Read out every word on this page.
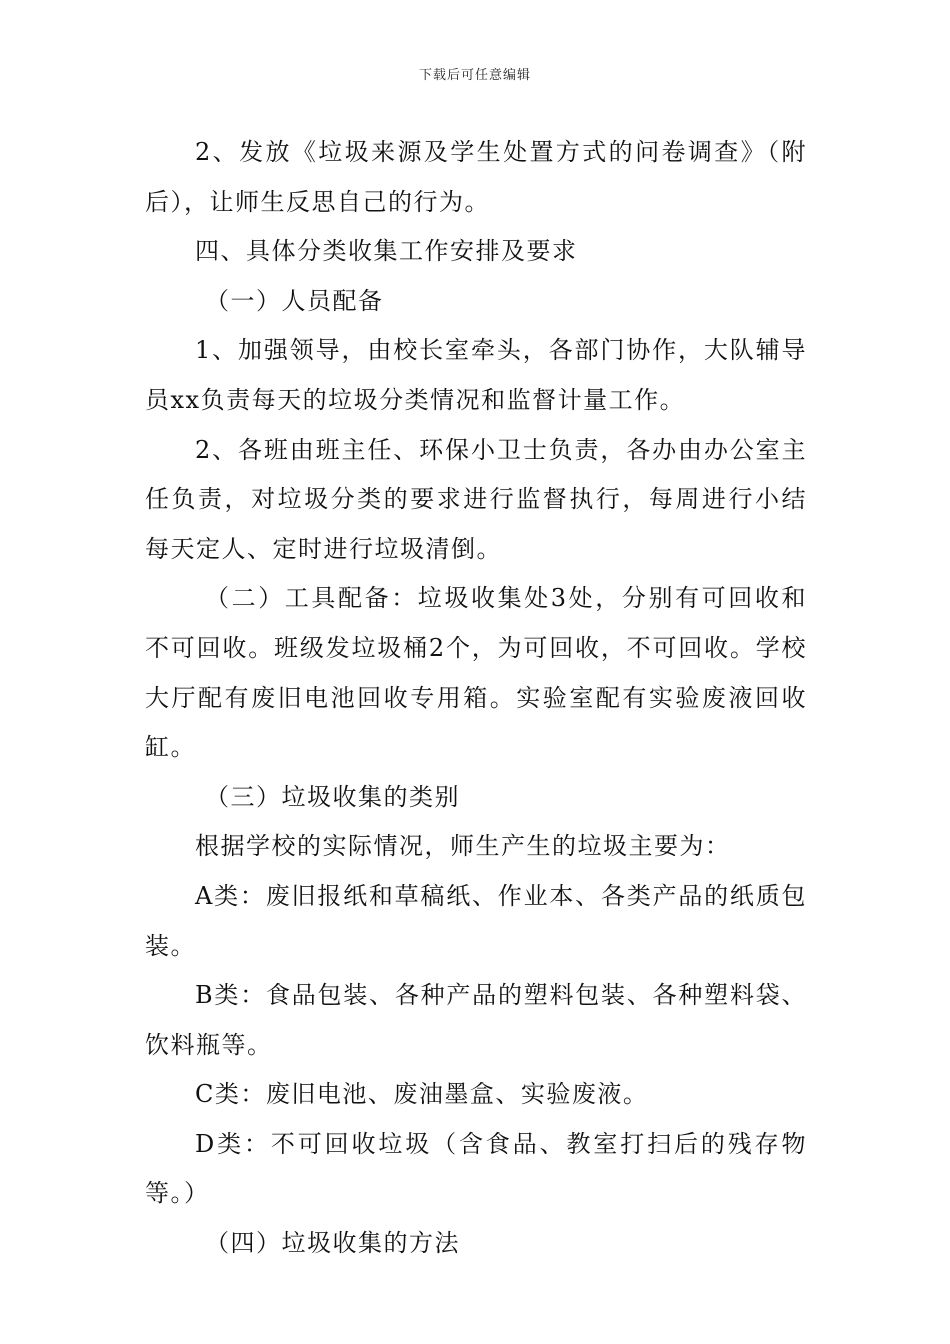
下载后可任意编辑

2、发放《垃圾来源及学生处置方式的问卷调查》（附后），让师生反思自己的行为。

四、具体分类收集工作安排及要求

（一）人员配备

1、加强领导，由校长室牵头，各部门协作，大队辅导员xx负责每天的垃圾分类情况和监督计量工作。

2、各班由班主任、环保小卫士负责，各办由办公室主任负责，对垃圾分类的要求进行监督执行，每周进行小结每天定人、定时进行垃圾清倒。

（二）工具配备：垃圾收集处3处，分别有可回收和不可回收。班级发垃圾桶2个，为可回收，不可回收。学校大厅配有废旧电池回收专用箱。实验室配有实验废液回收缸。

（三）垃圾收集的类别

根据学校的实际情况，师生产生的垃圾主要为：

A类：废旧报纸和草稿纸、作业本、各类产品的纸质包装。

B类：食品包装、各种产品的塑料包装、各种塑料袋、饮料瓶等。

C类：废旧电池、废油墨盒、实验废液。

D类：不可回收垃圾（含食品、教室打扫后的残存物等。）

（四）垃圾收集的方法
